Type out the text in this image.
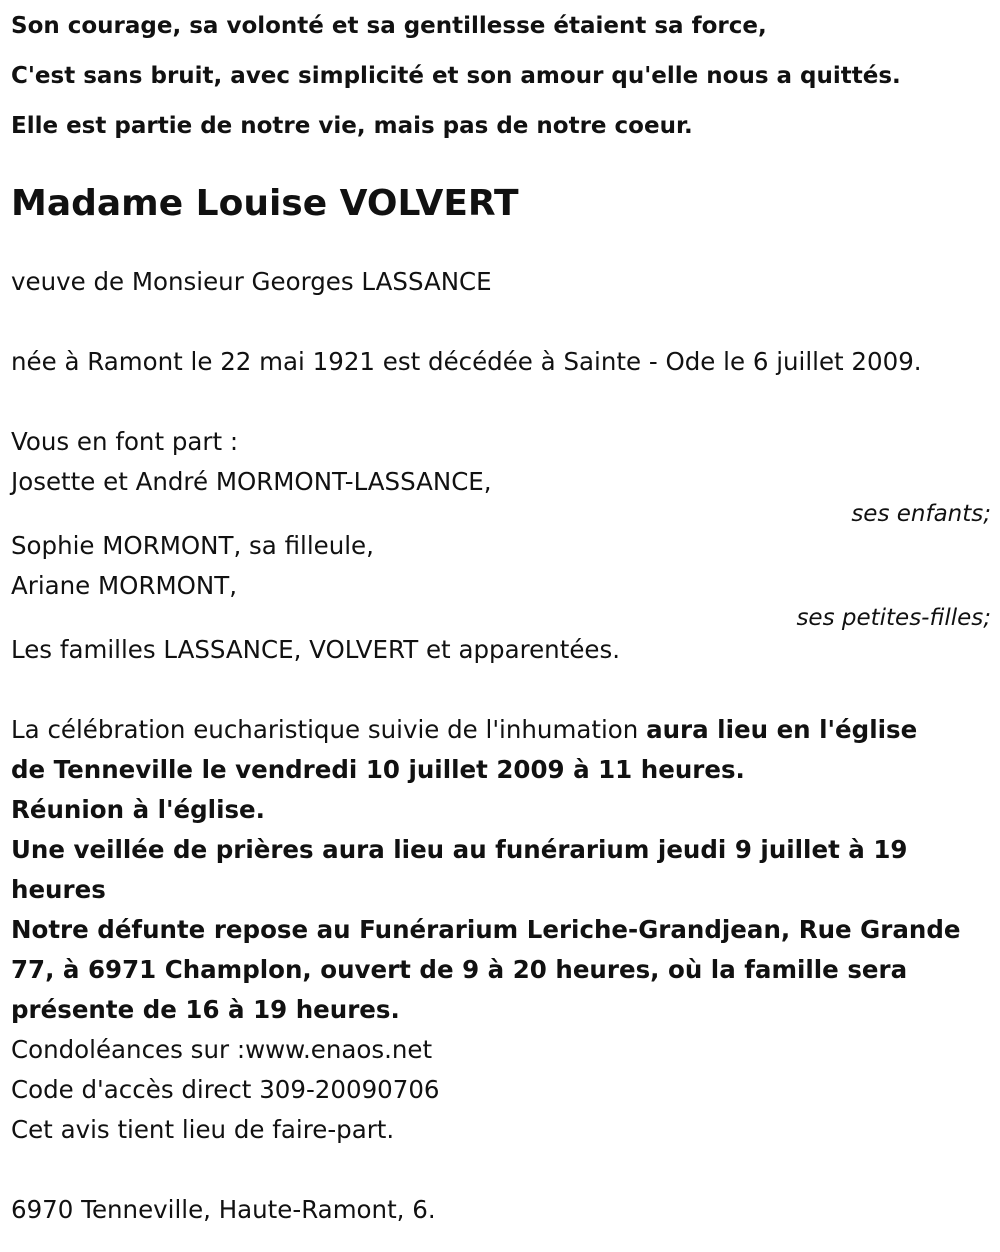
Son courage, sa volonté et sa gentillesse étaient sa force,
C'est sans bruit, avec simplicité et son amour qu'elle nous a quittés.
Elle est partie de notre vie, mais pas de notre coeur.
Madame Louise VOLVERT
veuve de Monsieur Georges LASSANCE
née à Ramont le 22 mai 1921 est décédée à Sainte - Ode le 6 juillet 2009.
Vous en font part :
Josette et André MORMONT-LASSANCE,
ses enfants;
Sophie MORMONT, sa filleule,
Ariane MORMONT,
ses petites-filles;
Les familles LASSANCE, VOLVERT et apparentées.
La célébration eucharistique suivie de l'inhumation aura lieu en l'église
de Tenneville le vendredi 10 juillet 2009 à 11 heures.
Réunion à l'église.
Une veillée de prières aura lieu au funérarium jeudi 9 juillet à 19
heures
Notre défunte repose au Funérarium Leriche-Grandjean, Rue Grande
77, à 6971 Champlon, ouvert de 9 à 20 heures, où la famille sera
présente de 16 à 19 heures.
Condoléances sur :www.enaos.net
Code d'accès direct 309-20090706
Cet avis tient lieu de faire-part.
6970 Tenneville, Haute-Ramont, 6.
